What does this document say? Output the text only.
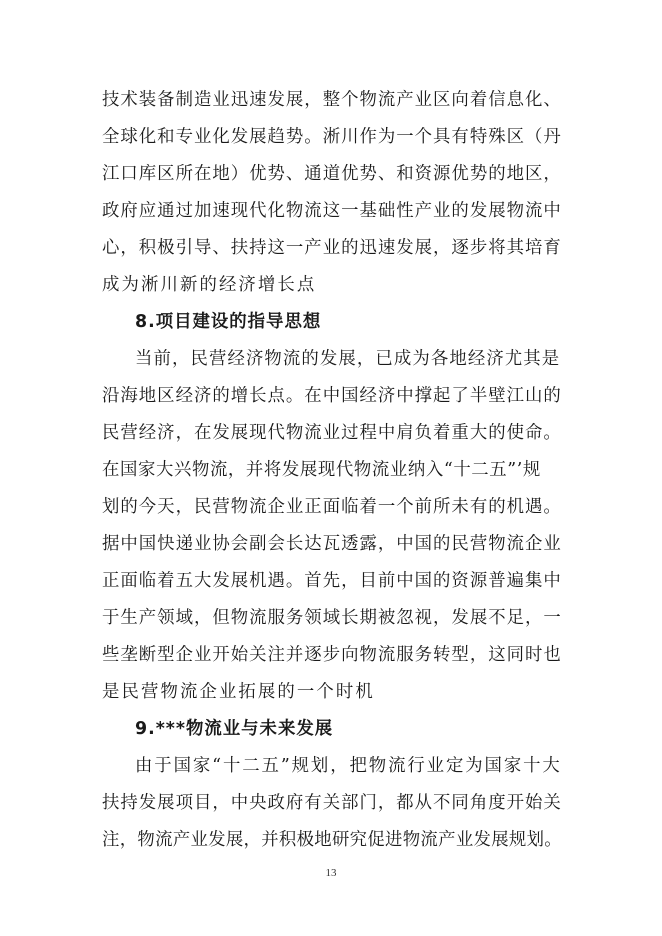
技术装备制造业迅速发展，整个物流产业区向着信息化、
全球化和专业化发展趋势。淅川作为一个具有特殊区（丹
江口库区所在地）优势、通道优势、和资源优势的地区，
政府应通过加速现代化物流这一基础性产业的发展物流中
心，积极引导、扶持这一产业的迅速发展，逐步将其培育
成为淅川新的经济增长点
8.项目建设的指导思想
当前，民营经济物流的发展，已成为各地经济尤其是
沿海地区经济的增长点。在中国经济中撑起了半壁江山的
民营经济，在发展现代物流业过程中肩负着重大的使命。
在国家大兴物流，并将发展现代物流业纳入“十二五”’规
划的今天，民营物流企业正面临着一个前所未有的机遇。
据中国快递业协会副会长达瓦透露，中国的民营物流企业
正面临着五大发展机遇。首先，目前中国的资源普遍集中
于生产领域，但物流服务领域长期被忽视，发展不足，一
些垄断型企业开始关注并逐步向物流服务转型，这同时也
是民营物流企业拓展的一个时机
9.***物流业与未来发展
由于国家“十二五”规划，把物流行业定为国家十大
扶持发展项目，中央政府有关部门，都从不同角度开始关
注，物流产业发展，并积极地研究促进物流产业发展规划。
13
